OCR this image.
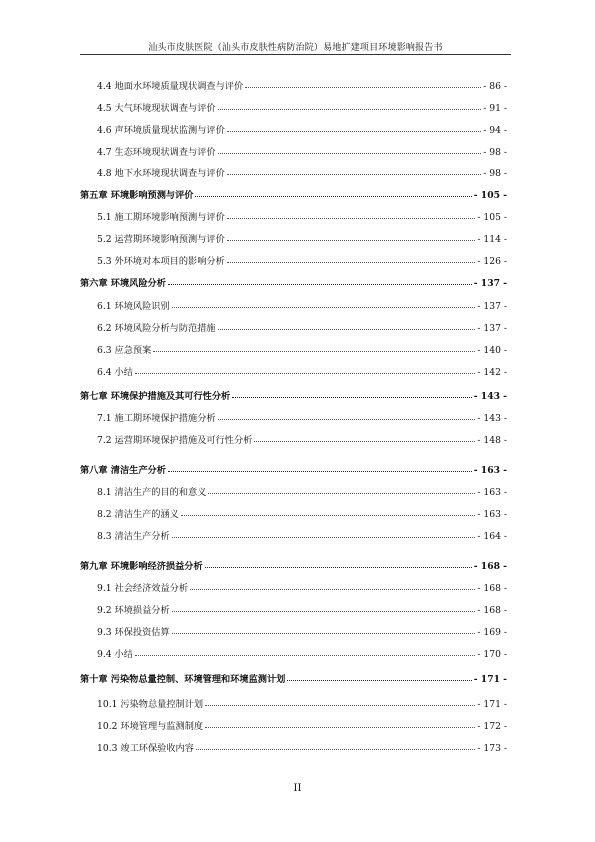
汕头市皮肤医院（汕头市皮肤性病防治院）易地扩建项目环境影响报告书
4.4 地面水环境质量现状调查与评价	- 86 -
4.5 大气环境现状调查与评价	- 91 -
4.6 声环境质量现状监测与评价	- 94 -
4.7 生态环境现状调查与评价	- 98 -
4.8 地下水环境现状调查与评价	- 98 -
第五章 环境影响预测与评价	- 105 -
5.1 施工期环境影响预测与评价	- 105 -
5.2 运营期环境影响预测与评价	- 114 -
5.3 外环境对本项目的影响分析	- 126 -
第六章 环境风险分析	- 137 -
6.1 环境风险识别	- 137 -
6.2 环境风险分析与防范措施	- 137 -
6.3 应急预案	- 140 -
6.4 小结	- 142 -
第七章 环境保护措施及其可行性分析	- 143 -
7.1 施工期环境保护措施分析	- 143 -
7.2 运营期环境保护措施及可行性分析	- 148 -
第八章 清洁生产分析	- 163 -
8.1 清洁生产的目的和意义	- 163 -
8.2 清洁生产的涵义	- 163 -
8.3 清洁生产分析	- 164 -
第九章 环境影响经济损益分析	- 168 -
9.1 社会经济效益分析	- 168 -
9.2 环境损益分析	- 168 -
9.3 环保投资估算	- 169 -
9.4 小结	- 170 -
第十章 污染物总量控制、环境管理和环境监测计划	- 171 -
10.1 污染物总量控制计划	- 171 -
10.2 环境管理与监测制度	- 172 -
10.3 竣工环保验收内容	- 173 -
II
